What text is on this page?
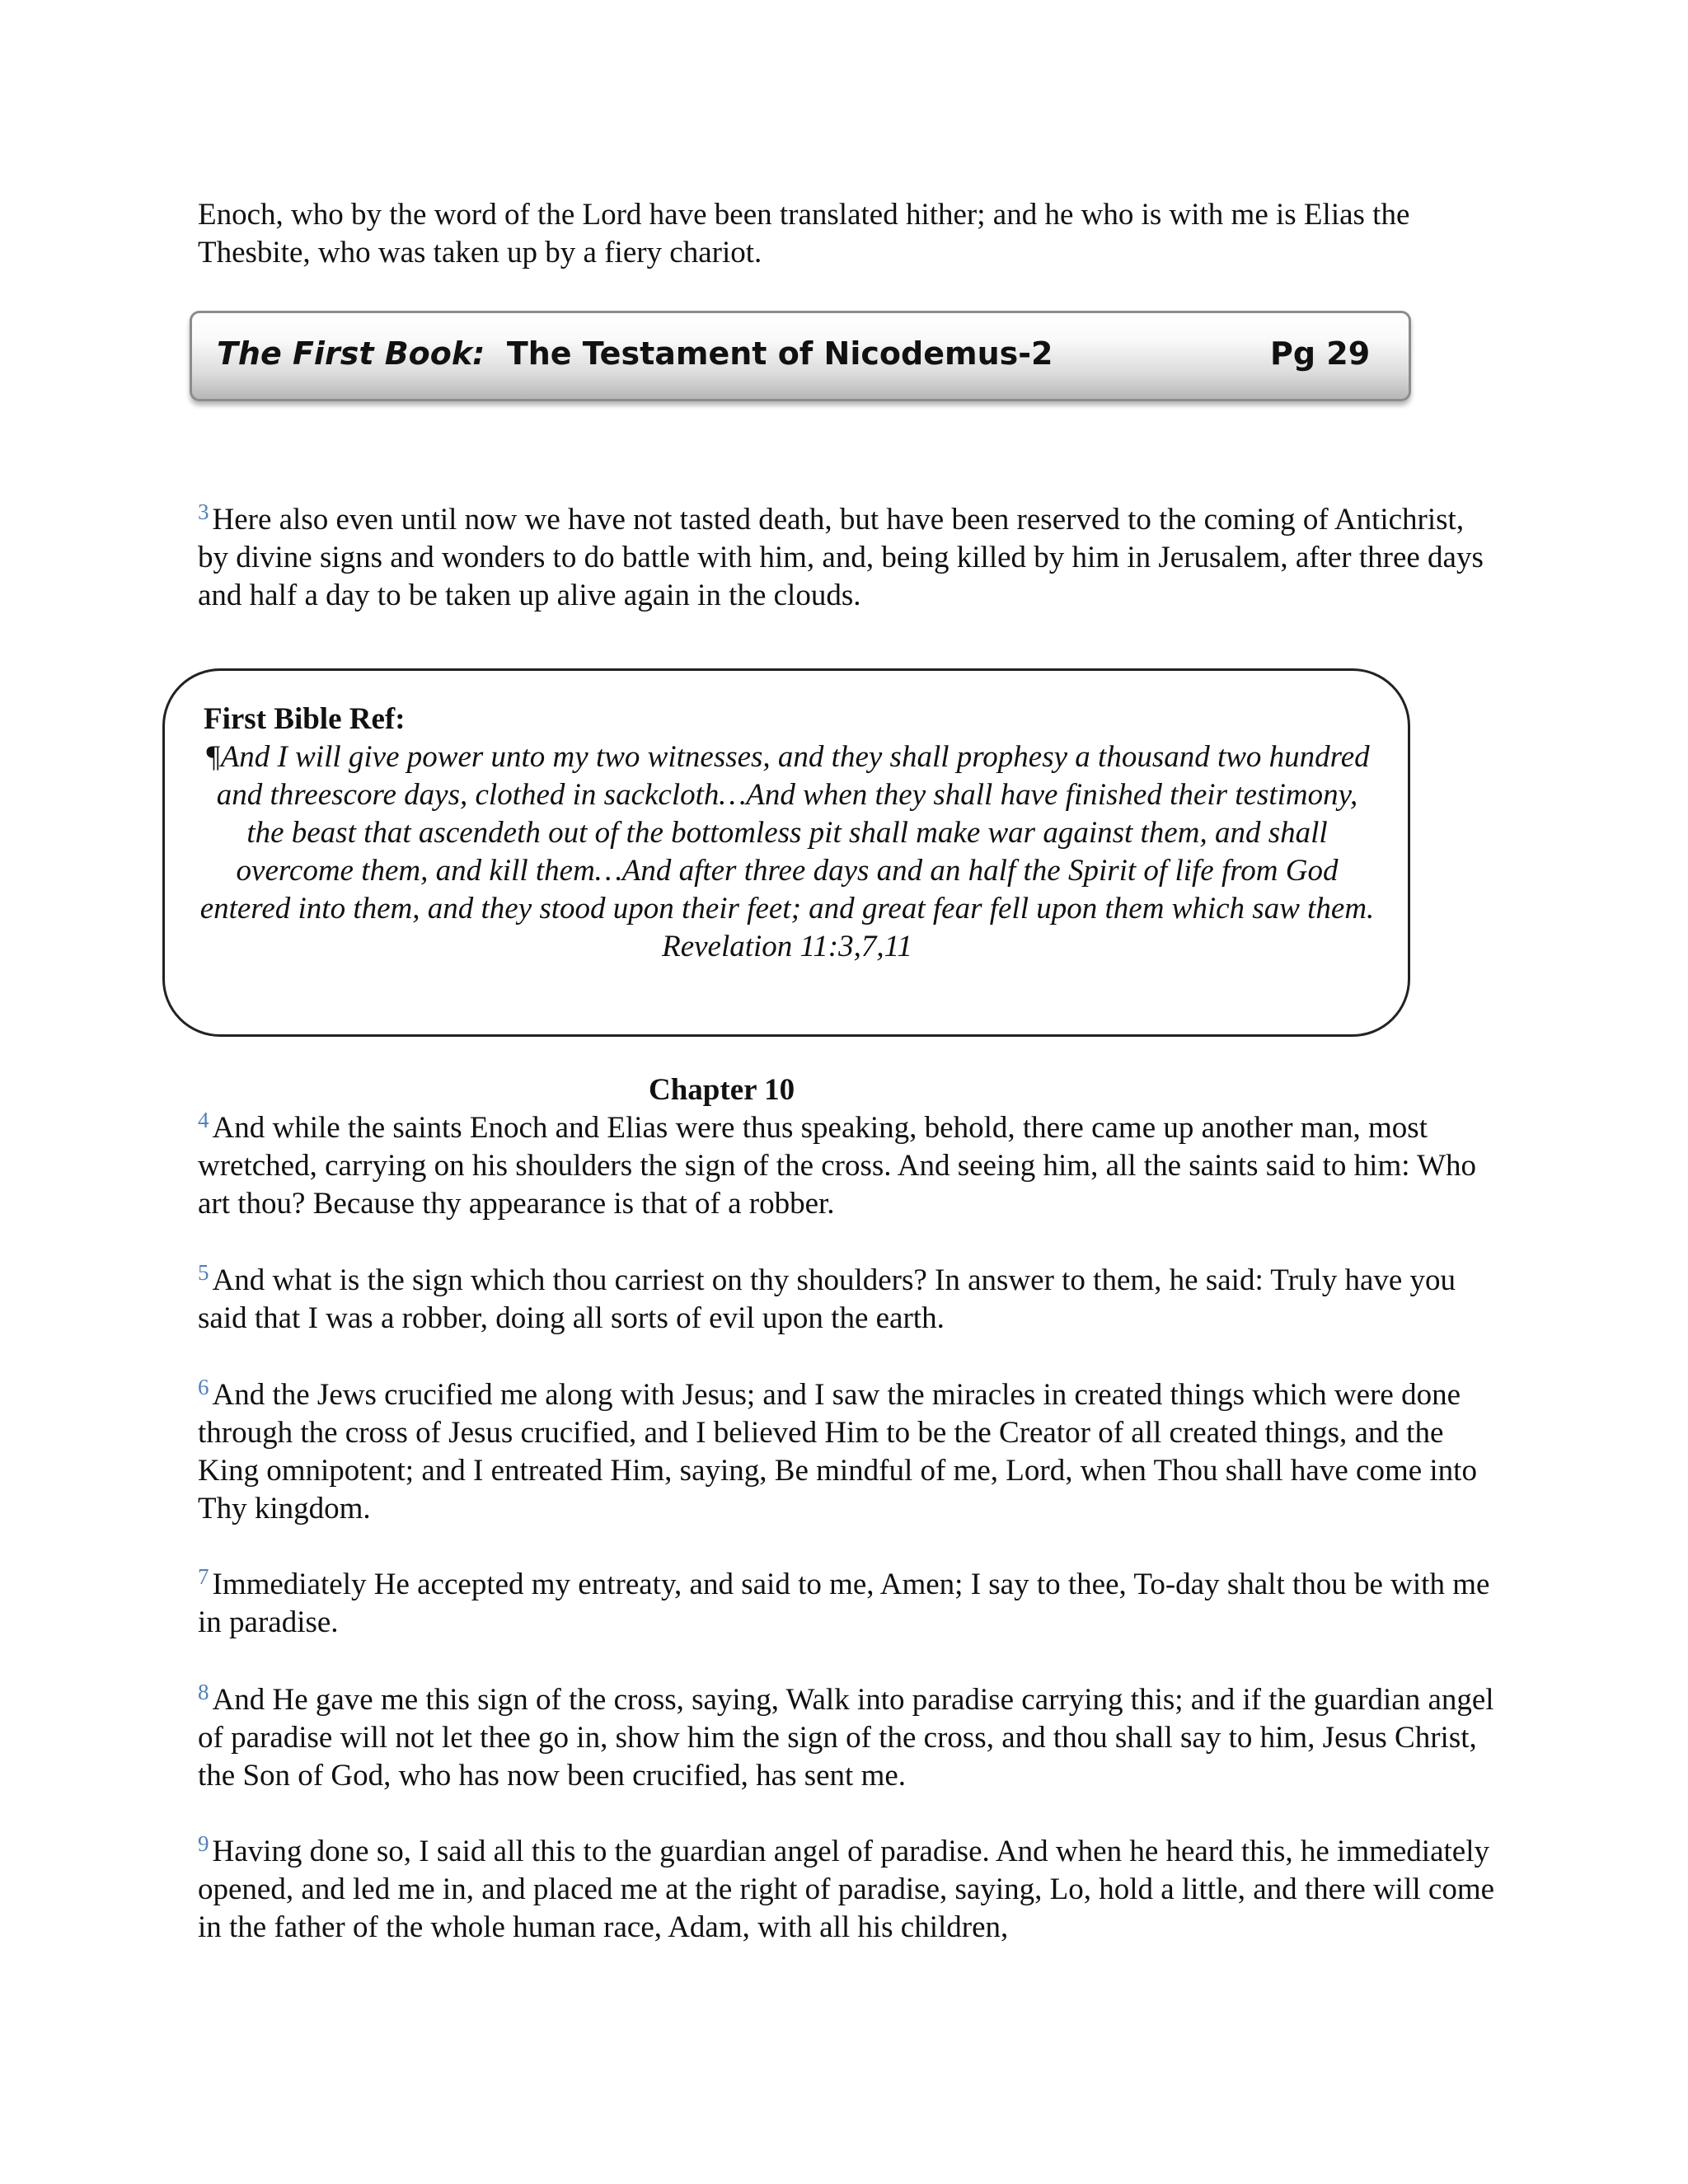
Enoch, who by the word of the Lord have been translated hither; and he who is with me is Elias the Thesbite, who was taken up by a fiery chariot.

The First Book: The Testament of Nicodemus-2	Pg 29

$^3$ Here also even until now we have not tasted death, but have been reserved to the coming of Antichrist, by divine signs and wonders to do battle with him, and, being killed by him in Jerusalem, after three days and half a day to be taken up alive again in the clouds.

First Bible Ref:

¶And I will give power unto my two witnesses, and they shall prophesy a thousand two hundred and threescore days, clothed in sackcloth…And when they shall have finished their testimony, the beast that ascendeth out of the bottomless pit shall make war against them, and shall overcome them, and kill them…And after three days and an half the Spirit of life from God entered into them, and they stood upon their feet; and great fear fell upon them which saw them. Revelation 11:3,7,11

Chapter 10

$^4$ And while the saints Enoch and Elias were thus speaking, behold, there came up another man, most wretched, carrying on his shoulders the sign of the cross. And seeing him, all the saints said to him: Who art thou? Because thy appearance is that of a robber.

$^5$ And what is the sign which thou carriest on thy shoulders? In answer to them, he said: Truly have you said that I was a robber, doing all sorts of evil upon the earth.

$^6$ And the Jews crucified me along with Jesus; and I saw the miracles in created things which were done through the cross of Jesus crucified, and I believed Him to be the Creator of all created things, and the King omnipotent; and I entreated Him, saying, Be mindful of me, Lord, when Thou shall have come into Thy kingdom.

$^7$ Immediately He accepted my entreaty, and said to me, Amen; I say to thee, To-day shalt thou be with me in paradise.

$^8$ And He gave me this sign of the cross, saying, Walk into paradise carrying this; and if the guardian angel of paradise will not let thee go in, show him the sign of the cross, and thou shall say to him, Jesus Christ, the Son of God, who has now been crucified, has sent me.

$^9$ Having done so, I said all this to the guardian angel of paradise. And when he heard this, he immediately opened, and led me in, and placed me at the right of paradise, saying, Lo, hold a little, and there will come in the father of the whole human race, Adam, with all his children,
